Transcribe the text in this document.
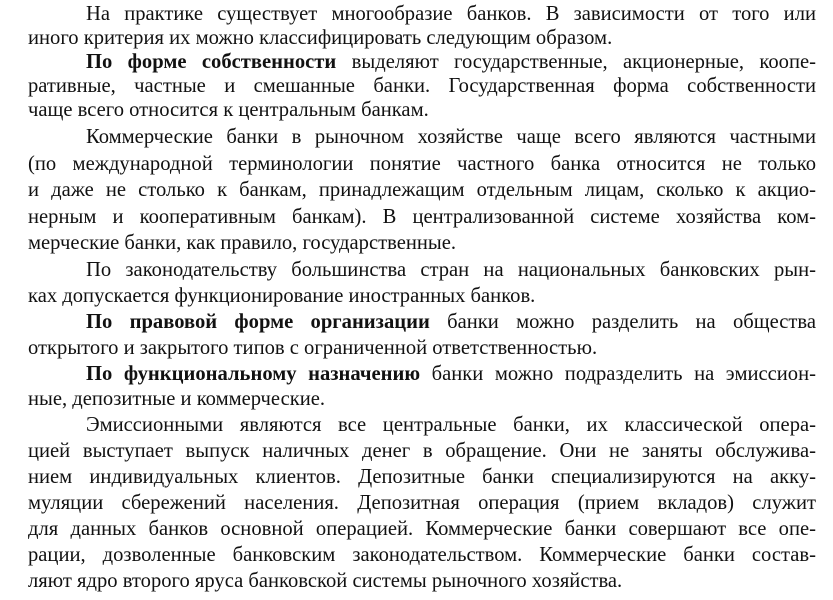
На практике существует многообразие банков. В зависимости от того или
иного критерия их можно классифицировать следующим образом.
По форме собственности выделяют государственные, акционерные, коопе-
ративные, частные и смешанные банки. Государственная форма собственности
чаще всего относится к центральным банкам.
Коммерческие банки в рыночном хозяйстве чаще всего являются частными
(по международной терминологии понятие частного банка относится не только
и даже не столько к банкам, принадлежащим отдельным лицам, сколько к акцио-
нерным и кооперативным банкам). В централизованной системе хозяйства ком-
мерческие банки, как правило, государственные.
По законодательству большинства стран на национальных банковских рын-
ках допускается функционирование иностранных банков.
По правовой форме организации банки можно разделить на общества
открытого и закрытого типов с ограниченной ответственностью.
По функциональному назначению банки можно подразделить на эмиссион-
ные, депозитные и коммерческие.
Эмиссионными являются все центральные банки, их классической опера-
цией выступает выпуск наличных денег в обращение. Они не заняты обслужива-
нием индивидуальных клиентов. Депозитные банки специализируются на акку-
муляции сбережений населения. Депозитная операция (прием вкладов) служит
для данных банков основной операцией. Коммерческие банки совершают все опе-
рации, дозволенные банковским законодательством. Коммерческие банки состав-
ляют ядро второго яруса банковской системы рыночного хозяйства.
